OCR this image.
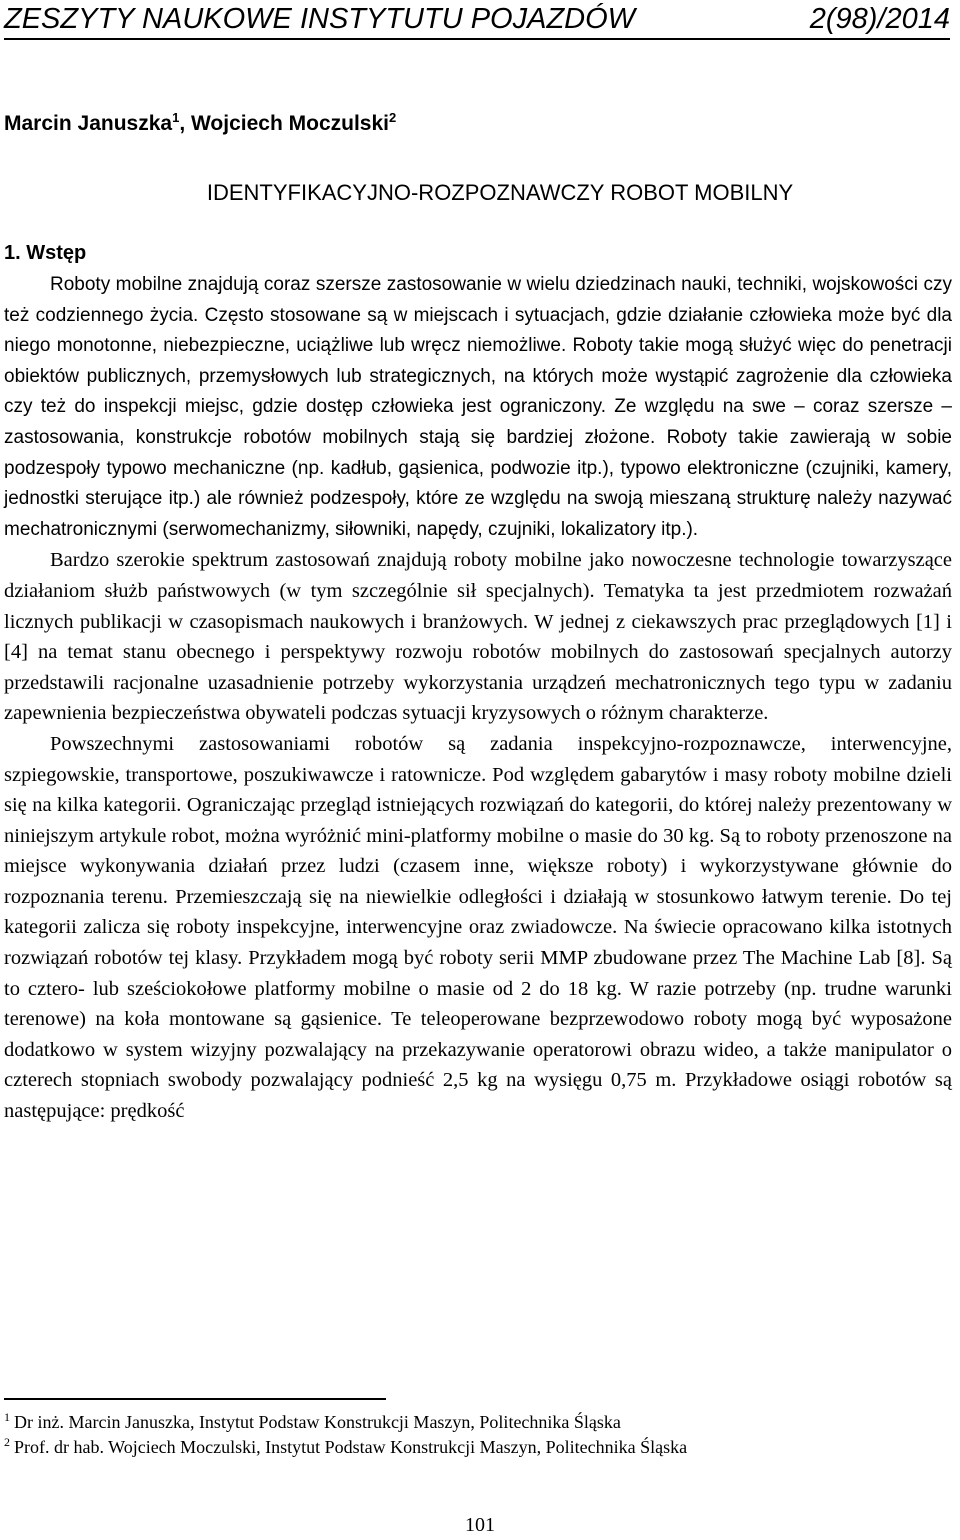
ZESZYTY NAUKOWE INSTYTUTU POJAZDÓW	2(98)/2014
Marcin Januszka$^1$, Wojciech Moczulski$^2$
IDENTYFIKACYJNO-ROZPOZNAWCZY ROBOT MOBILNY
1. Wstęp

Roboty mobilne znajdują coraz szersze zastosowanie w wielu dziedzinach nauki, techniki, wojskowości czy też codziennego życia. Często stosowane są w miejscach i sytuacjach, gdzie działanie człowieka może być dla niego monotonne, niebezpieczne, uciążliwe lub wręcz niemożliwe. Roboty takie mogą służyć więc do penetracji obiektów publicznych, przemysłowych lub strategicznych, na których może wystąpić zagrożenie dla człowieka czy też do inspekcji miejsc, gdzie dostęp człowieka jest ograniczony. Ze względu na swe – coraz szersze – zastosowania, konstrukcje robotów mobilnych stają się bardziej złożone. Roboty takie zawierają w sobie podzespoły typowo mechaniczne (np. kadłub, gąsienica, podwozie itp.), typowo elektroniczne (czujniki, kamery, jednostki sterujące itp.) ale również podzespoły, które ze względu na swoją mieszaną strukturę należy nazywać mechatronicznymi (serwomechanizmy, siłowniki, napędy, czujniki, lokalizatory itp.).

Bardzo szerokie spektrum zastosowań znajdują roboty mobilne jako nowoczesne technologie towarzyszące działaniom służb państwowych (w tym szczególnie sił specjalnych). Tematyka ta jest przedmiotem rozważań licznych publikacji w czasopismach naukowych i branżowych. W jednej z ciekawszych prac przeglądowych [1] i [4] na temat stanu obecnego i perspektywy rozwoju robotów mobilnych do zastosowań specjalnych autorzy przedstawili racjonalne uzasadnienie potrzeby wykorzystania urządzeń mechatronicznych tego typu w zadaniu zapewnienia bezpieczeństwa obywateli podczas sytuacji kryzysowych o różnym charakterze.

Powszechnymi zastosowaniami robotów są zadania inspekcyjno-rozpoznawcze, interwencyjne, szpiegowskie, transportowe, poszukiwawcze i ratownicze. Pod względem gabarytów i masy roboty mobilne dzieli się na kilka kategorii. Ograniczając przegląd istniejących rozwiązań do kategorii, do której należy prezentowany w niniejszym artykule robot, można wyróżnić mini-platformy mobilne o masie do 30 kg. Są to roboty przenoszone na miejsce wykonywania działań przez ludzi (czasem inne, większe roboty) i wykorzystywane głównie do rozpoznania terenu. Przemieszczają się na niewielkie odległości i działają w stosunkowo łatwym terenie. Do tej kategorii zalicza się roboty inspekcyjne, interwencyjne oraz zwiadowcze. Na świecie opracowano kilka istotnych rozwiązań robotów tej klasy. Przykładem mogą być roboty serii MMP zbudowane przez The Machine Lab [8]. Są to cztero- lub sześciokołowe platformy mobilne o masie od 2 do 18 kg. W razie potrzeby (np. trudne warunki terenowe) na koła montowane są gąsienice. Te teleoperowane bezprzewodowo roboty mogą być wyposażone dodatkowo w system wizyjny pozwalający na przekazywanie operatorowi obrazu wideo, a także manipulator o czterech stopniach swobody pozwalający podnieść 2,5 kg na wysięgu 0,75 m. Przykładowe osiągi robotów są następujące: prędkość

$^1$ Dr inż. Marcin Januszka, Instytut Podstaw Konstrukcji Maszyn, Politechnika Śląska
$^2$ Prof. dr hab. Wojciech Moczulski, Instytut Podstaw Konstrukcji Maszyn, Politechnika Śląska
101
